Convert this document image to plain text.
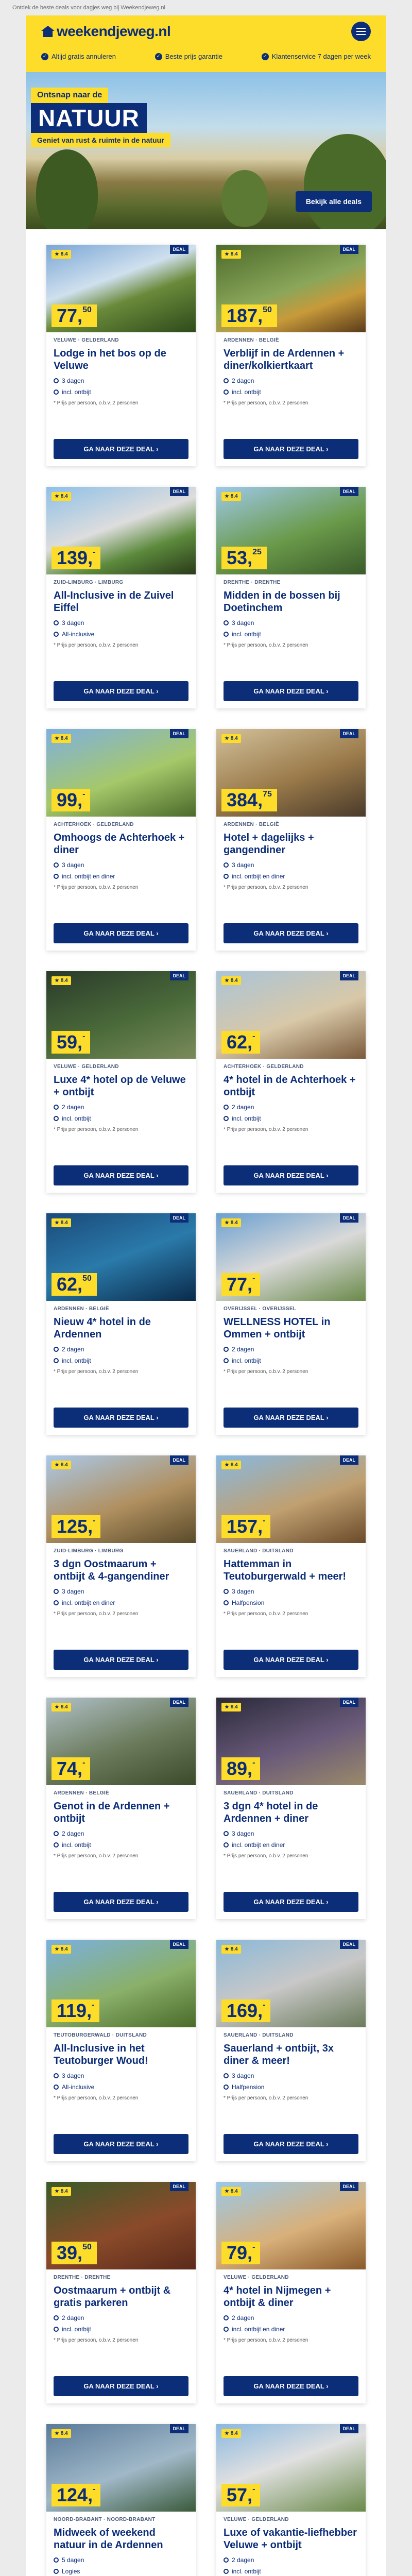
Ontdek de beste deals voor dagjes weg bij Weekendjeweg.nl
weekendjeweg.nl
✓ Altijd gratis annuleren	✓ Beste prijs garantie	✓ Klantenservice 7 dagen per week
Ontsnap naar de
NATUUR
Geniet van rust & ruimte in de natuur
Bekijk alle deals
★ 8.4
DEAL
77,50
VELUWE · GELDERLAND
Lodge in het bos op de Veluwe
3 dagen
incl. ontbijt
* Prijs per persoon, o.b.v. 2 personen
GA NAAR DEZE DEAL ›
★ 8.4
DEAL
187,50
ARDENNEN · BELGIË
Verblijf in de Ardennen + diner/kolkiertkaart
2 dagen
incl. ontbijt
* Prijs per persoon, o.b.v. 2 personen
GA NAAR DEZE DEAL ›
★ 8.4
DEAL
139,-
ZUID-LIMBURG · LIMBURG
All-Inclusive in de Zuivel Eiffel
3 dagen
All-inclusive
* Prijs per persoon, o.b.v. 2 personen
GA NAAR DEZE DEAL ›
★ 8.4
DEAL
53,25
DRENTHE · DRENTHE
Midden in de bossen bij Doetinchem
3 dagen
incl. ontbijt
* Prijs per persoon, o.b.v. 2 personen
GA NAAR DEZE DEAL ›
★ 8.4
DEAL
99,-
ACHTERHOEK · GELDERLAND
Omhoogs de Achterhoek + diner
3 dagen
incl. ontbijt en diner
* Prijs per persoon, o.b.v. 2 personen
GA NAAR DEZE DEAL ›
★ 8.4
DEAL
384,75
ARDENNEN · BELGIË
Hotel + dagelijks + gangendiner
3 dagen
incl. ontbijt en diner
* Prijs per persoon, o.b.v. 2 personen
GA NAAR DEZE DEAL ›
★ 8.4
DEAL
59,-
VELUWE · GELDERLAND
Luxe 4* hotel op de Veluwe + ontbijt
2 dagen
incl. ontbijt
* Prijs per persoon, o.b.v. 2 personen
GA NAAR DEZE DEAL ›
★ 8.4
DEAL
62,-
ACHTERHOEK · GELDERLAND
4* hotel in de Achterhoek + ontbijt
2 dagen
incl. ontbijt
* Prijs per persoon, o.b.v. 2 personen
GA NAAR DEZE DEAL ›
★ 8.4
DEAL
62,50
ARDENNEN · BELGIË
Nieuw 4* hotel in de Ardennen
2 dagen
incl. ontbijt
* Prijs per persoon, o.b.v. 2 personen
GA NAAR DEZE DEAL ›
★ 8.4
DEAL
77,-
OVERIJSSEL · OVERIJSSEL
WELLNESS HOTEL in Ommen + ontbijt
2 dagen
incl. ontbijt
* Prijs per persoon, o.b.v. 2 personen
GA NAAR DEZE DEAL ›
★ 8.4
DEAL
125,-
ZUID-LIMBURG · LIMBURG
3 dgn Oostmaarum + ontbijt & 4-gangendiner
3 dagen
incl. ontbijt en diner
* Prijs per persoon, o.b.v. 2 personen
GA NAAR DEZE DEAL ›
★ 8.4
DEAL
157,-
SAUERLAND · DUITSLAND
Hattemman in Teutoburgerwald + meer!
3 dagen
Halfpension
* Prijs per persoon, o.b.v. 2 personen
GA NAAR DEZE DEAL ›
★ 8.4
DEAL
74,-
ARDENNEN · BELGIË
Genot in de Ardennen + ontbijt
2 dagen
incl. ontbijt
* Prijs per persoon, o.b.v. 2 personen
GA NAAR DEZE DEAL ›
★ 8.4
DEAL
89,-
SAUERLAND · DUITSLAND
3 dgn 4* hotel in de Ardennen + diner
3 dagen
incl. ontbijt en diner
* Prijs per persoon, o.b.v. 2 personen
GA NAAR DEZE DEAL ›
★ 8.4
DEAL
119,-
TEUTOBURGERWALD · DUITSLAND
All-Inclusive in het Teutoburger Woud!
3 dagen
All-inclusive
* Prijs per persoon, o.b.v. 2 personen
GA NAAR DEZE DEAL ›
★ 8.4
DEAL
169,-
SAUERLAND · DUITSLAND
Sauerland + ontbijt, 3x diner & meer!
3 dagen
Halfpension
* Prijs per persoon, o.b.v. 2 personen
GA NAAR DEZE DEAL ›
★ 8.4
DEAL
39,50
DRENTHE · DRENTHE
Oostmaarum + ontbijt & gratis parkeren
2 dagen
incl. ontbijt
* Prijs per persoon, o.b.v. 2 personen
GA NAAR DEZE DEAL ›
★ 8.4
DEAL
79,-
VELUWE · GELDERLAND
4* hotel in Nijmegen + ontbijt & diner
2 dagen
incl. ontbijt en diner
* Prijs per persoon, o.b.v. 2 personen
GA NAAR DEZE DEAL ›
★ 8.4
DEAL
124,-
NOORD-BRABANT · NOORD-BRABANT
Midweek of weekend natuur in de Ardennen
5 dagen
Logies
★ 8.4
DEAL
57,-
VELUWE · GELDERLAND
Luxe of vakantie-liefhebber Veluwe + ontbijt
2 dagen
incl. ontbijt
